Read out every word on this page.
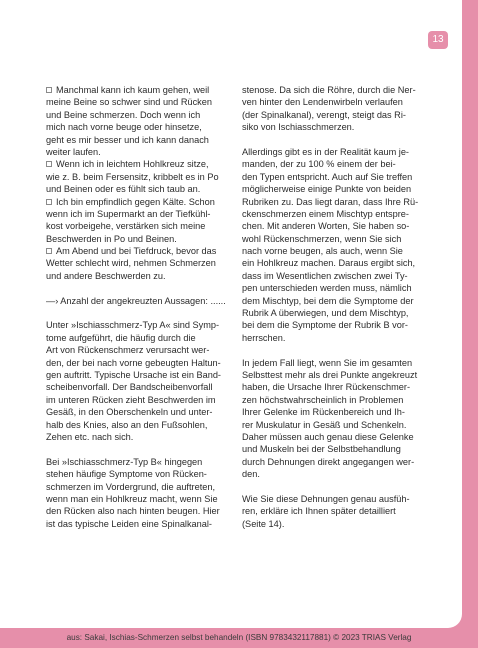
13
Manchmal kann ich kaum gehen, weil
meine Beine so schwer sind und Rücken
und Beine schmerzen. Doch wenn ich
mich nach vorne beuge oder hinsetze,
geht es mir besser und ich kann danach
weiter laufen.
Wenn ich in leichtem Hohlkreuz sitze,
wie z. B. beim Fersensitz, kribbelt es in Po
und Beinen oder es fühlt sich taub an.
Ich bin empfindlich gegen Kälte. Schon
wenn ich im Supermarkt an der Tiefkühl-
kost vorbeigehe, verstärken sich meine
Beschwerden in Po und Beinen.
Am Abend und bei Tiefdruck, bevor das
Wetter schlecht wird, nehmen Schmerzen
und andere Beschwerden zu.
—› Anzahl der angekreuzten Aussagen: ......
Unter »Ischiasschmerz-Typ A« sind Symp-
tome aufgeführt, die häufig durch die
Art von Rückenschmerz verursacht wer-
den, der bei nach vorne gebeugten Haltun-
gen auftritt. Typische Ursache ist ein Band-
scheibenvorfall. Der Bandscheibenvorfall
im unteren Rücken zieht Beschwerden im
Gesäß, in den Oberschenkeln und unter-
halb des Knies, also an den Fußsohlen,
Zehen etc. nach sich.
Bei »Ischiasschmerz-Typ B« hingegen
stehen häufige Symptome von Rücken-
schmerzen im Vordergrund, die auftreten,
wenn man ein Hohlkreuz macht, wenn Sie
den Rücken also nach hinten beugen. Hier
ist das typische Leiden eine Spinalkanal-
stenose. Da sich die Röhre, durch die Ner-
ven hinter den Lendenwirbeln verlaufen
(der Spinalkanal), verengt, steigt das Ri-
siko von Ischiasschmerzen.
Allerdings gibt es in der Realität kaum je-
manden, der zu 100 % einem der bei-
den Typen entspricht. Auch auf Sie treffen
möglicherweise einige Punkte von beiden
Rubriken zu. Das liegt daran, dass Ihre Rü-
ckenschmerzen einem Mischtyp entspre-
chen. Mit anderen Worten, Sie haben so-
wohl Rückenschmerzen, wenn Sie sich
nach vorne beugen, als auch, wenn Sie
ein Hohlkreuz machen. Daraus ergibt sich,
dass im Wesentlichen zwischen zwei Ty-
pen unterschieden werden muss, nämlich
dem Mischtyp, bei dem die Symptome der
Rubrik A überwiegen, und dem Mischtyp,
bei dem die Symptome der Rubrik B vor-
herrschen.
In jedem Fall liegt, wenn Sie im gesamten
Selbsttest mehr als drei Punkte angekreuzt
haben, die Ursache Ihrer Rückenschmer-
zen höchstwahrscheinlich in Problemen
Ihrer Gelenke im Rückenbereich und Ih-
rer Muskulatur in Gesäß und Schenkeln.
Daher müssen auch genau diese Gelenke
und Muskeln bei der Selbstbehandlung
durch Dehnungen direkt angegangen wer-
den.
Wie Sie diese Dehnungen genau ausfüh-
ren, erkläre ich Ihnen später detailliert
(Seite 14).
aus: Sakai, Ischias-Schmerzen selbst behandeln (ISBN 9783432117881) © 2023 TRIAS Verlag
